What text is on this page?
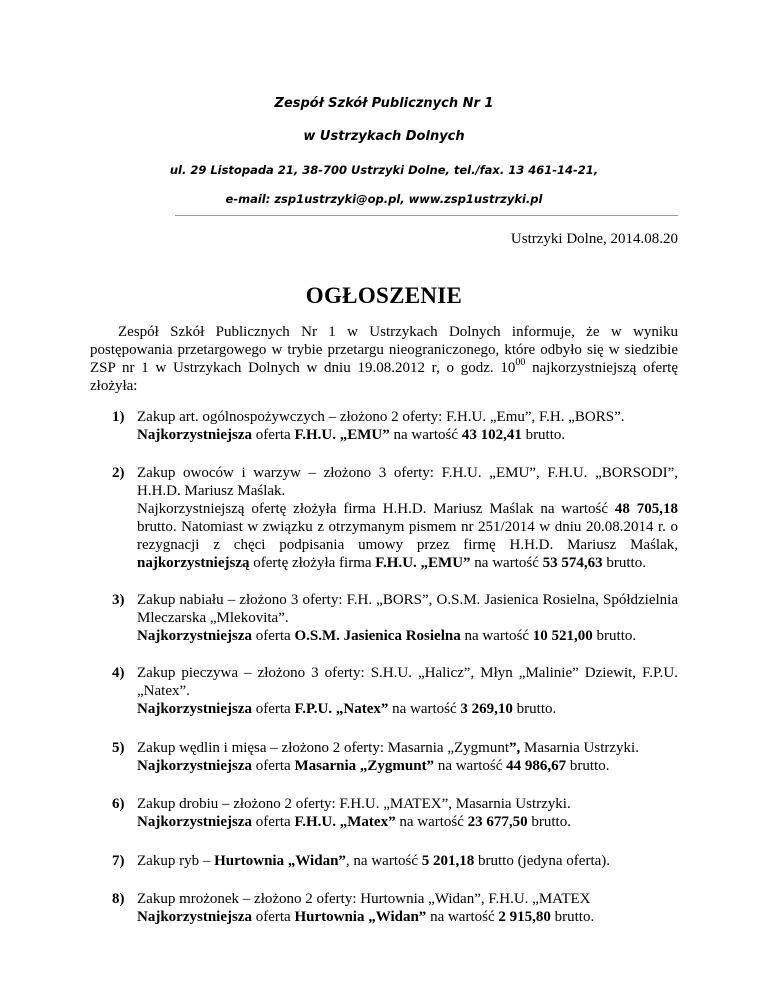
Zespół Szkół Publicznych Nr 1
w Ustrzykach Dolnych
ul. 29 Listopada 21, 38-700 Ustrzyki Dolne, tel./fax. 13 461-14-21,
e-mail: zsp1ustrzyki@op.pl, www.zsp1ustrzyki.pl
Ustrzyki Dolne, 2014.08.20
OGŁOSZENIE
Zespół Szkół Publicznych Nr 1 w Ustrzykach Dolnych informuje, że w wyniku postępowania przetargowego w trybie przetargu nieograniczonego, które odbyło się w siedzibie ZSP nr 1 w Ustrzykach Dolnych w dniu 19.08.2012 r, o godz. $10^{00}$ najkorzystniejszą ofertę złożyła:
1) Zakup art. ogólnospożywczych – złożono 2 oferty: F.H.U. „Emu”, F.H. „BORS”.
Najkorzystniejsza oferta F.H.U. „EMU” na wartość 43 102,41 brutto.
2) Zakup owoców i warzyw – złożono 3 oferty: F.H.U. „EMU”, F.H.U. „BORSODI”, H.H.D. Mariusz Maślak.
Najkorzystniejszą ofertę złożyła firma H.H.D. Mariusz Maślak na wartość 48 705,18 brutto. Natomiast w związku z otrzymanym pismem nr 251/2014 w dniu 20.08.2014 r. o rezygnacji z chęci podpisania umowy przez firmę H.H.D. Mariusz Maślak, najkorzystniejszą ofertę złożyła firma F.H.U. „EMU” na wartość 53 574,63 brutto.
3) Zakup nabiału – złożono 3 oferty: F.H. „BORS”, O.S.M. Jasienica Rosielna, Spółdzielnia Mleczarska „Mlekovita”.
Najkorzystniejsza oferta O.S.M. Jasienica Rosielna na wartość 10 521,00 brutto.
4) Zakup pieczywa – złożono 3 oferty: S.H.U. „Halicz”, Młyn „Malinie” Dziewit, F.P.U. „Natex”.
Najkorzystniejsza oferta F.P.U. „Natex” na wartość 3 269,10 brutto.
5) Zakup wędlin i mięsa – złożono 2 oferty: Masarnia „Zygmunt”, Masarnia Ustrzyki.
Najkorzystniejsza oferta Masarnia „Zygmunt” na wartość 44 986,67 brutto.
6) Zakup drobiu – złożono 2 oferty: F.H.U. „MATEX”, Masarnia Ustrzyki.
Najkorzystniejsza oferta F.H.U. „Matex” na wartość 23 677,50 brutto.
7) Zakup ryb – Hurtownia „Widan”, na wartość 5 201,18 brutto (jedyna oferta).
8) Zakup mrożonek – złożono 2 oferty: Hurtownia „Widan”, F.H.U. „MATEX
Najkorzystniejsza oferta Hurtownia „Widan” na wartość 2 915,80 brutto.
